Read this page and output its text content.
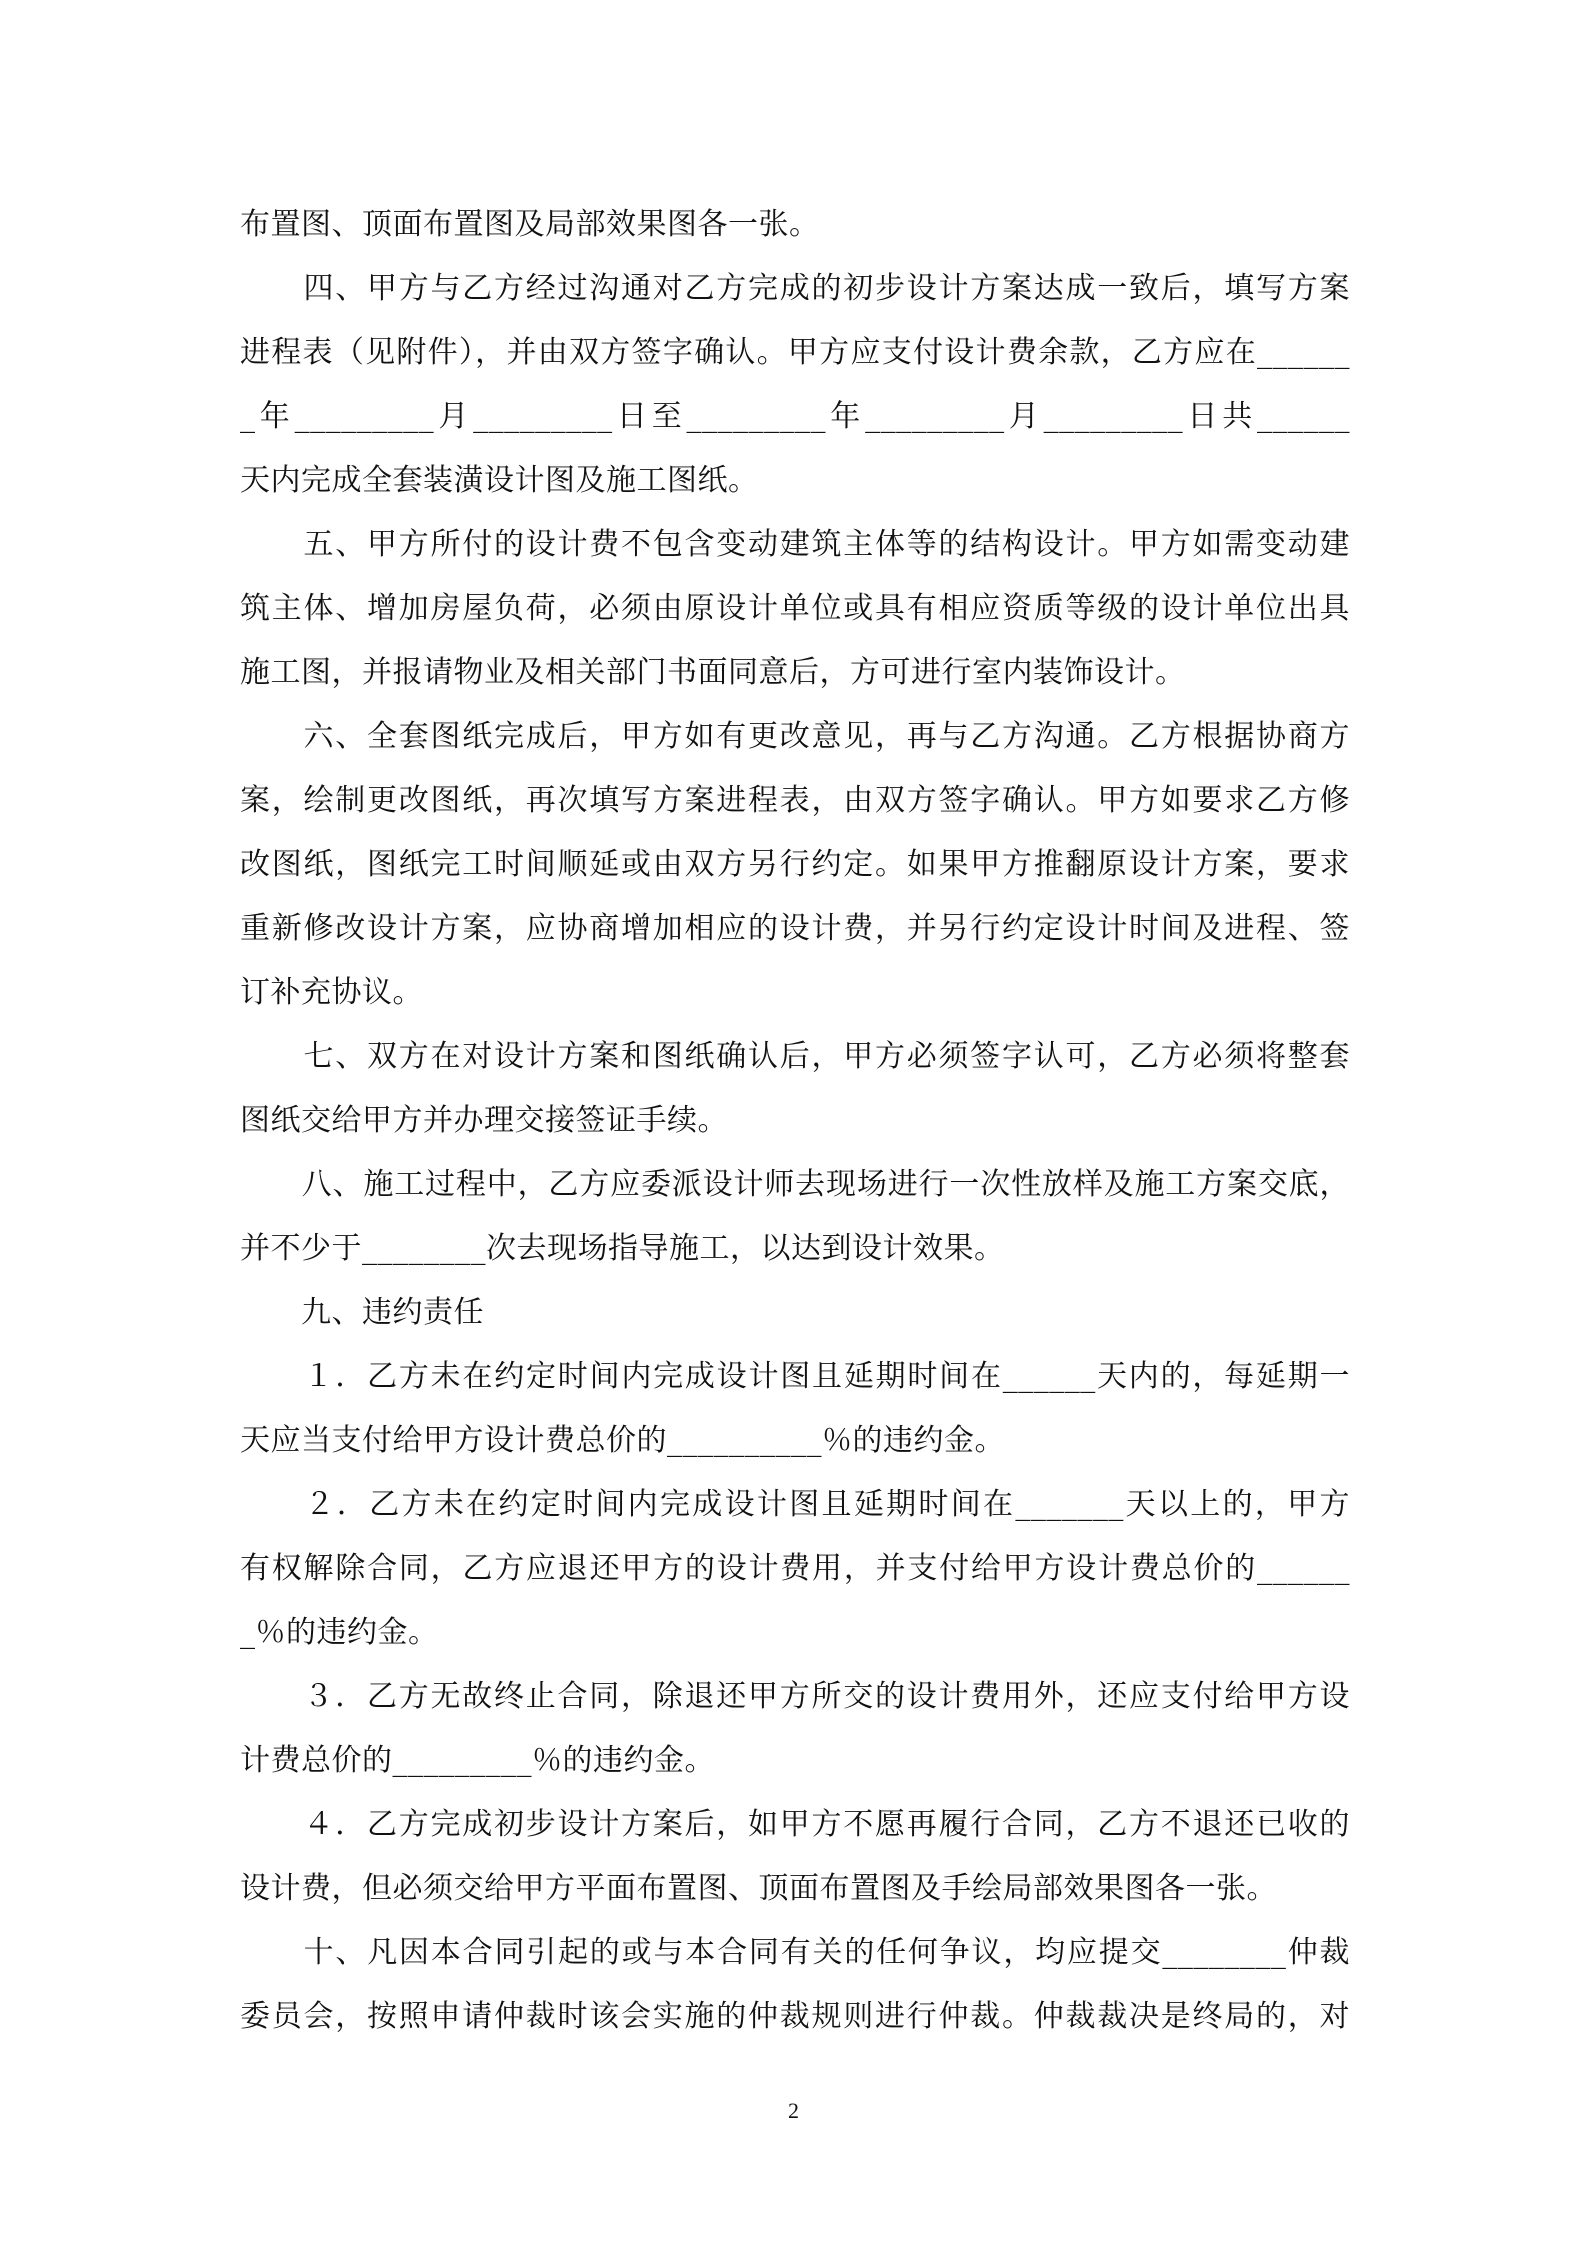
布置图、顶面布置图及局部效果图各一张。
　　四、甲方与乙方经过沟通对乙方完成的初步设计方案达成一致后，填写方案
进程表（见附件），并由双方签字确认。甲方应支付设计费余款，乙方应在______
_年_________月_________日至_________年_________月_________日共______
天内完成全套装潢设计图及施工图纸。
　　五、甲方所付的设计费不包含变动建筑主体等的结构设计。甲方如需变动建
筑主体、增加房屋负荷，必须由原设计单位或具有相应资质等级的设计单位出具
施工图，并报请物业及相关部门书面同意后，方可进行室内装饰设计。
　　六、全套图纸完成后，甲方如有更改意见，再与乙方沟通。乙方根据协商方
案，绘制更改图纸，再次填写方案进程表，由双方签字确认。甲方如要求乙方修
改图纸，图纸完工时间顺延或由双方另行约定。如果甲方推翻原设计方案，要求
重新修改设计方案，应协商增加相应的设计费，并另行约定设计时间及进程、签
订补充协议。
　　七、双方在对设计方案和图纸确认后，甲方必须签字认可，乙方必须将整套
图纸交给甲方并办理交接签证手续。
　　八、施工过程中，乙方应委派设计师去现场进行一次性放样及施工方案交底，
并不少于________次去现场指导施工，以达到设计效果。
　　九、违约责任
　　１．乙方未在约定时间内完成设计图且延期时间在______天内的，每延期一
天应当支付给甲方设计费总价的__________％的违约金。
　　２．乙方未在约定时间内完成设计图且延期时间在_______天以上的，甲方
有权解除合同，乙方应退还甲方的设计费用，并支付给甲方设计费总价的______
_％的违约金。
　　３．乙方无故终止合同，除退还甲方所交的设计费用外，还应支付给甲方设
计费总价的_________％的违约金。
　　４．乙方完成初步设计方案后，如甲方不愿再履行合同，乙方不退还已收的
设计费，但必须交给甲方平面布置图、顶面布置图及手绘局部效果图各一张。
　　十、凡因本合同引起的或与本合同有关的任何争议，均应提交________仲裁
委员会，按照申请仲裁时该会实施的仲裁规则进行仲裁。仲裁裁决是终局的，对
2
